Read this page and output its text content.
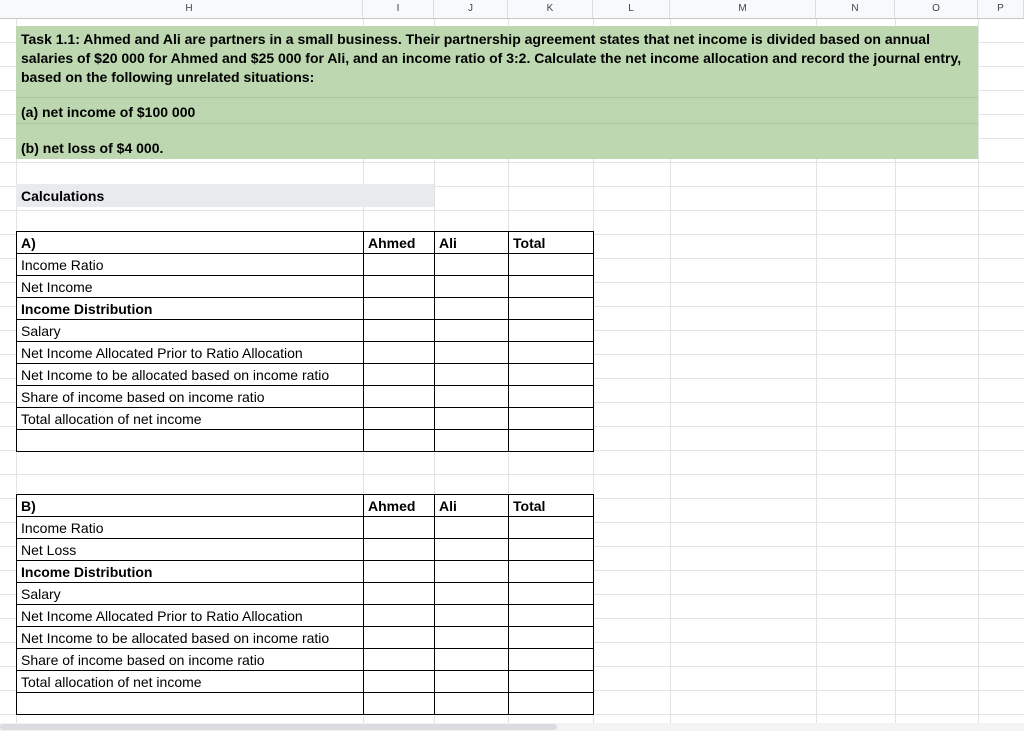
H	I	J	K	L	M	N	O	P
Task 1.1: Ahmed and Ali are partners in a small business. Their partnership agreement states that net income is divided based on annual salaries of $20 000 for Ahmed and $25 000 for Ali, and an income ratio of 3:2. Calculate the net income allocation and record the journal entry, based on the following unrelated situations:
(a) net income of $100 000
(b) net loss of $4 000.
Calculations
A)	Ahmed	Ali	Total
Income Ratio			
Net Income			
Income Distribution			
Salary			
Net Income Allocated Prior to Ratio Allocation			
Net Income to be allocated based on income ratio			
Share of income based on income ratio			
Total allocation of net income			

B)	Ahmed	Ali	Total
Income Ratio			
Net Loss			
Income Distribution			
Salary			
Net Income Allocated Prior to Ratio Allocation			
Net Income to be allocated based on income ratio			
Share of income based on income ratio			
Total allocation of net income			
